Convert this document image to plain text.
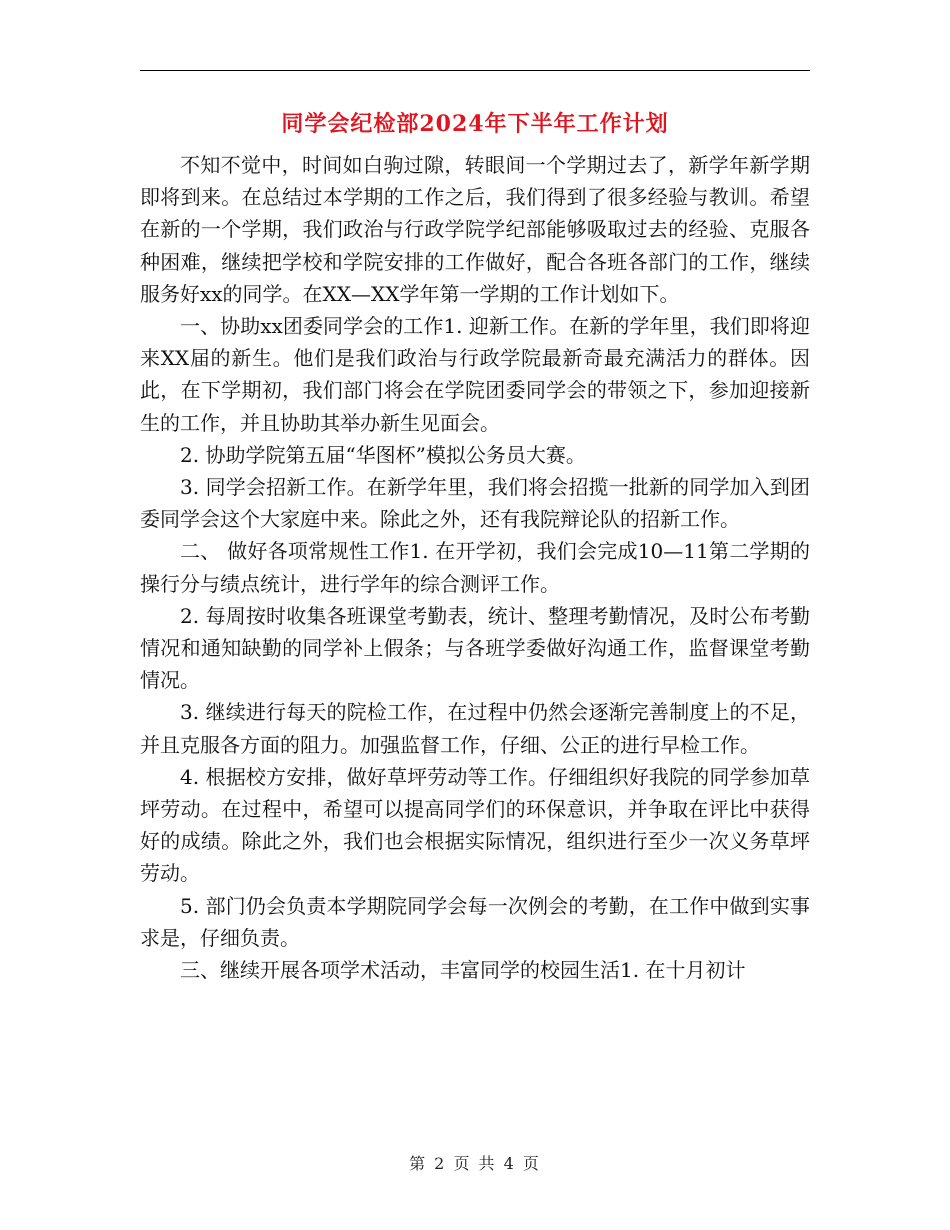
同学会纪检部2024年下半年工作计划

不知不觉中，时间如白驹过隙，转眼间一个学期过去了，新学年新学期即将到来。在总结过本学期的工作之后，我们得到了很多经验与教训。希望在新的一个学期，我们政治与行政学院学纪部能够吸取过去的经验、克服各种困难，继续把学校和学院安排的工作做好，配合各班各部门的工作，继续服务好xx的同学。在XX—XX学年第一学期的工作计划如下。

一、协助xx团委同学会的工作1. 迎新工作。在新的学年里，我们即将迎来XX届的新生。他们是我们政治与行政学院最新奇最充满活力的群体。因此，在下学期初，我们部门将会在学院团委同学会的带领之下，参加迎接新生的工作，并且协助其举办新生见面会。

2. 协助学院第五届“华图杯”模拟公务员大赛。

3. 同学会招新工作。在新学年里，我们将会招揽一批新的同学加入到团委同学会这个大家庭中来。除此之外，还有我院辩论队的招新工作。

二、 做好各项常规性工作1. 在开学初，我们会完成10—11第二学期的操行分与绩点统计，进行学年的综合测评工作。

2. 每周按时收集各班课堂考勤表，统计、整理考勤情况，及时公布考勤情况和通知缺勤的同学补上假条；与各班学委做好沟通工作，监督课堂考勤情况。

3. 继续进行每天的院检工作，在过程中仍然会逐渐完善制度上的不足，并且克服各方面的阻力。加强监督工作，仔细、公正的进行早检工作。

4. 根据校方安排，做好草坪劳动等工作。仔细组织好我院的同学参加草坪劳动。在过程中，希望可以提高同学们的环保意识，并争取在评比中获得好的成绩。除此之外，我们也会根据实际情况，组织进行至少一次义务草坪劳动。

5. 部门仍会负责本学期院同学会每一次例会的考勤，在工作中做到实事求是，仔细负责。

三、继续开展各项学术活动，丰富同学的校园生活1. 在十月初计

第 2 页 共 4 页
